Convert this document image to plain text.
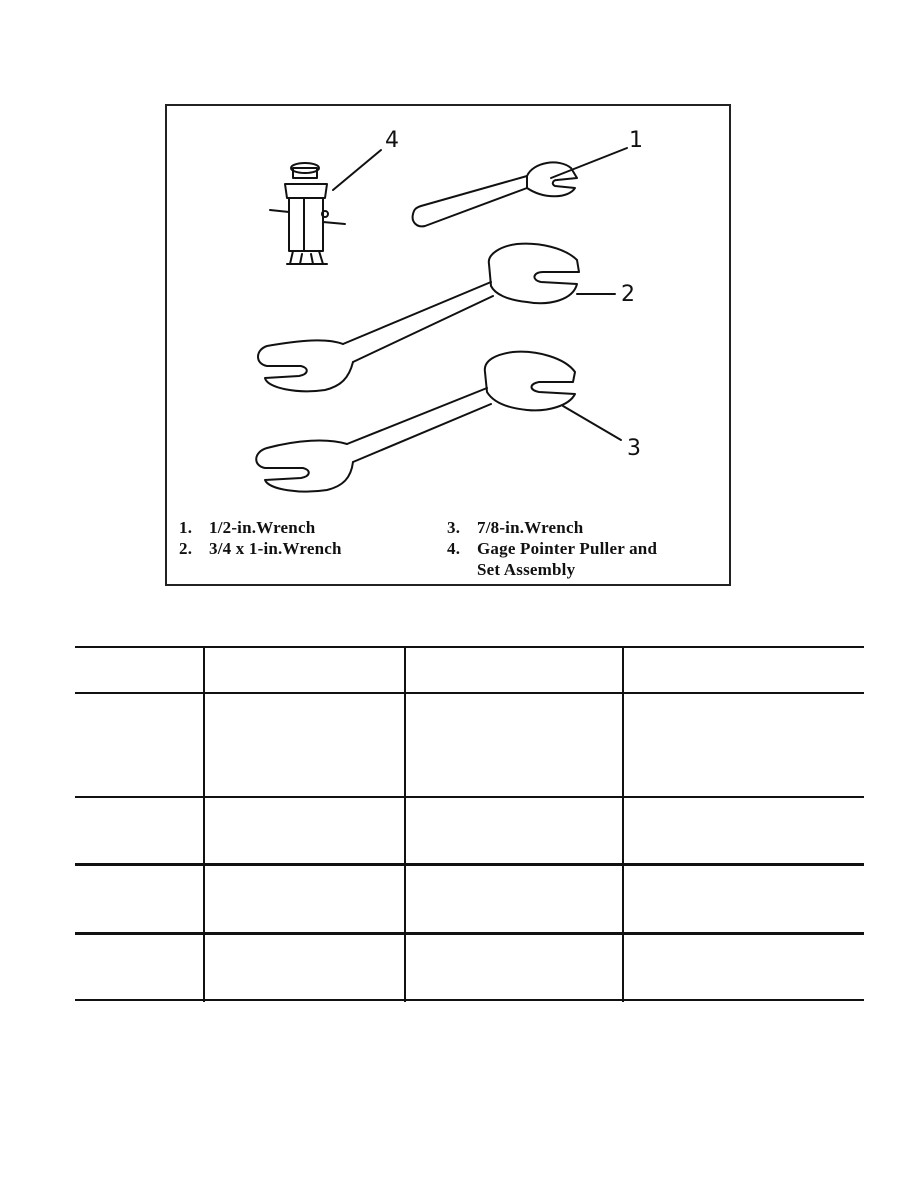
4	1
2
3
1. 1/2-in.Wrench
2. 3/4 x 1-in.Wrench
3. 7/8-in.Wrench
4. Gage Pointer Puller and
Set Assembly
